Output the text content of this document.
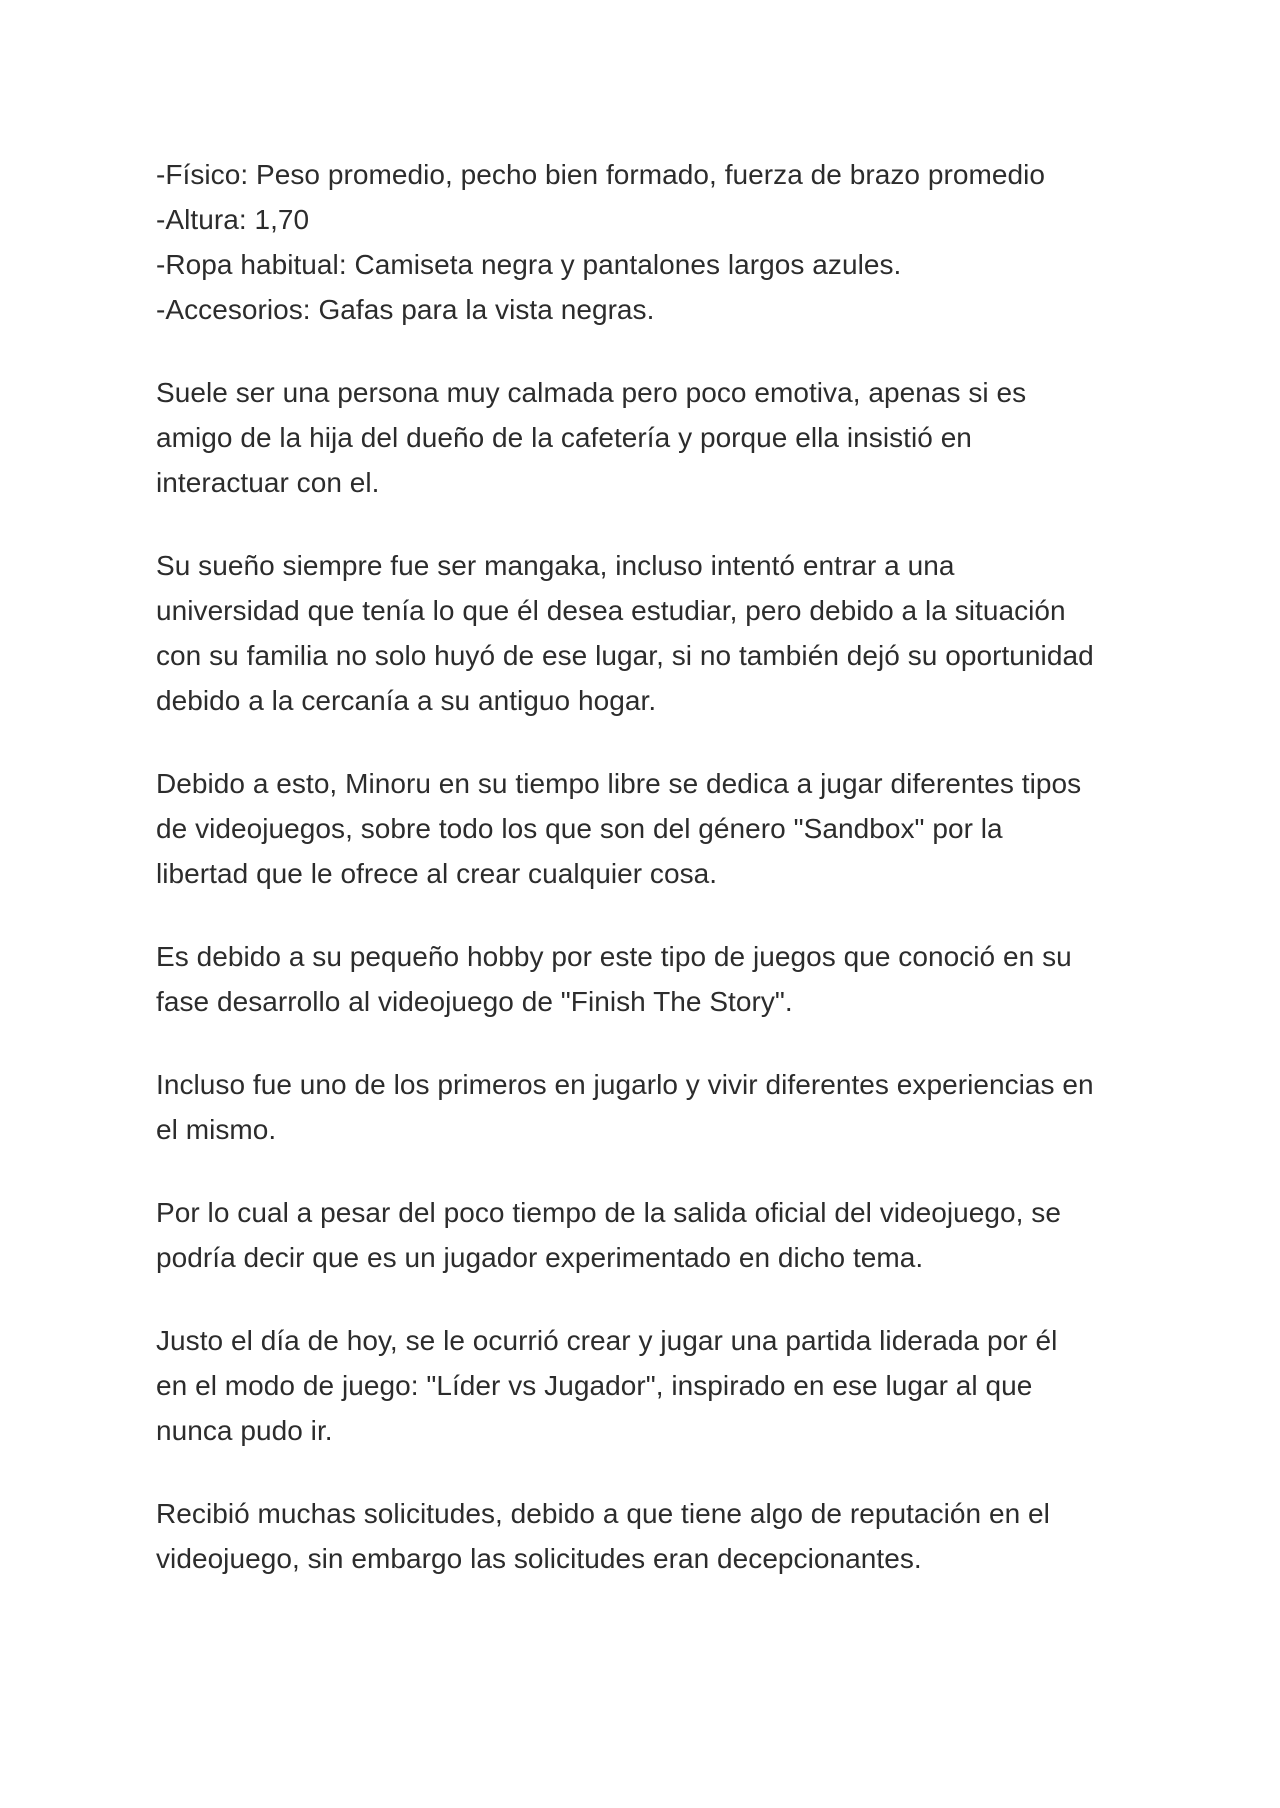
-Físico: Peso promedio, pecho bien formado, fuerza de brazo promedio
-Altura: 1,70
-Ropa habitual: Camiseta negra y pantalones largos azules.
-Accesorios: Gafas para la vista negras.
Suele ser una persona muy calmada pero poco emotiva, apenas si es
amigo de la hija del dueño de la cafetería y porque ella insistió en
interactuar con el.
Su sueño siempre fue ser mangaka, incluso intentó entrar a una
universidad que tenía lo que él desea estudiar, pero debido a la situación
con su familia no solo huyó de ese lugar, si no también dejó su oportunidad
debido a la cercanía a su antiguo hogar.
Debido a esto, Minoru en su tiempo libre se dedica a jugar diferentes tipos
de videojuegos, sobre todo los que son del género "Sandbox" por la
libertad que le ofrece al crear cualquier cosa.
Es debido a su pequeño hobby por este tipo de juegos que conoció en su
fase desarrollo al videojuego de "Finish The Story".
Incluso fue uno de los primeros en jugarlo y vivir diferentes experiencias en
el mismo.
Por lo cual a pesar del poco tiempo de la salida oficial del videojuego, se
podría decir que es un jugador experimentado en dicho tema.
Justo el día de hoy, se le ocurrió crear y jugar una partida liderada por él
en el modo de juego: "Líder vs Jugador", inspirado en ese lugar al que
nunca pudo ir.
Recibió muchas solicitudes, debido a que tiene algo de reputación en el
videojuego, sin embargo las solicitudes eran decepcionantes.
